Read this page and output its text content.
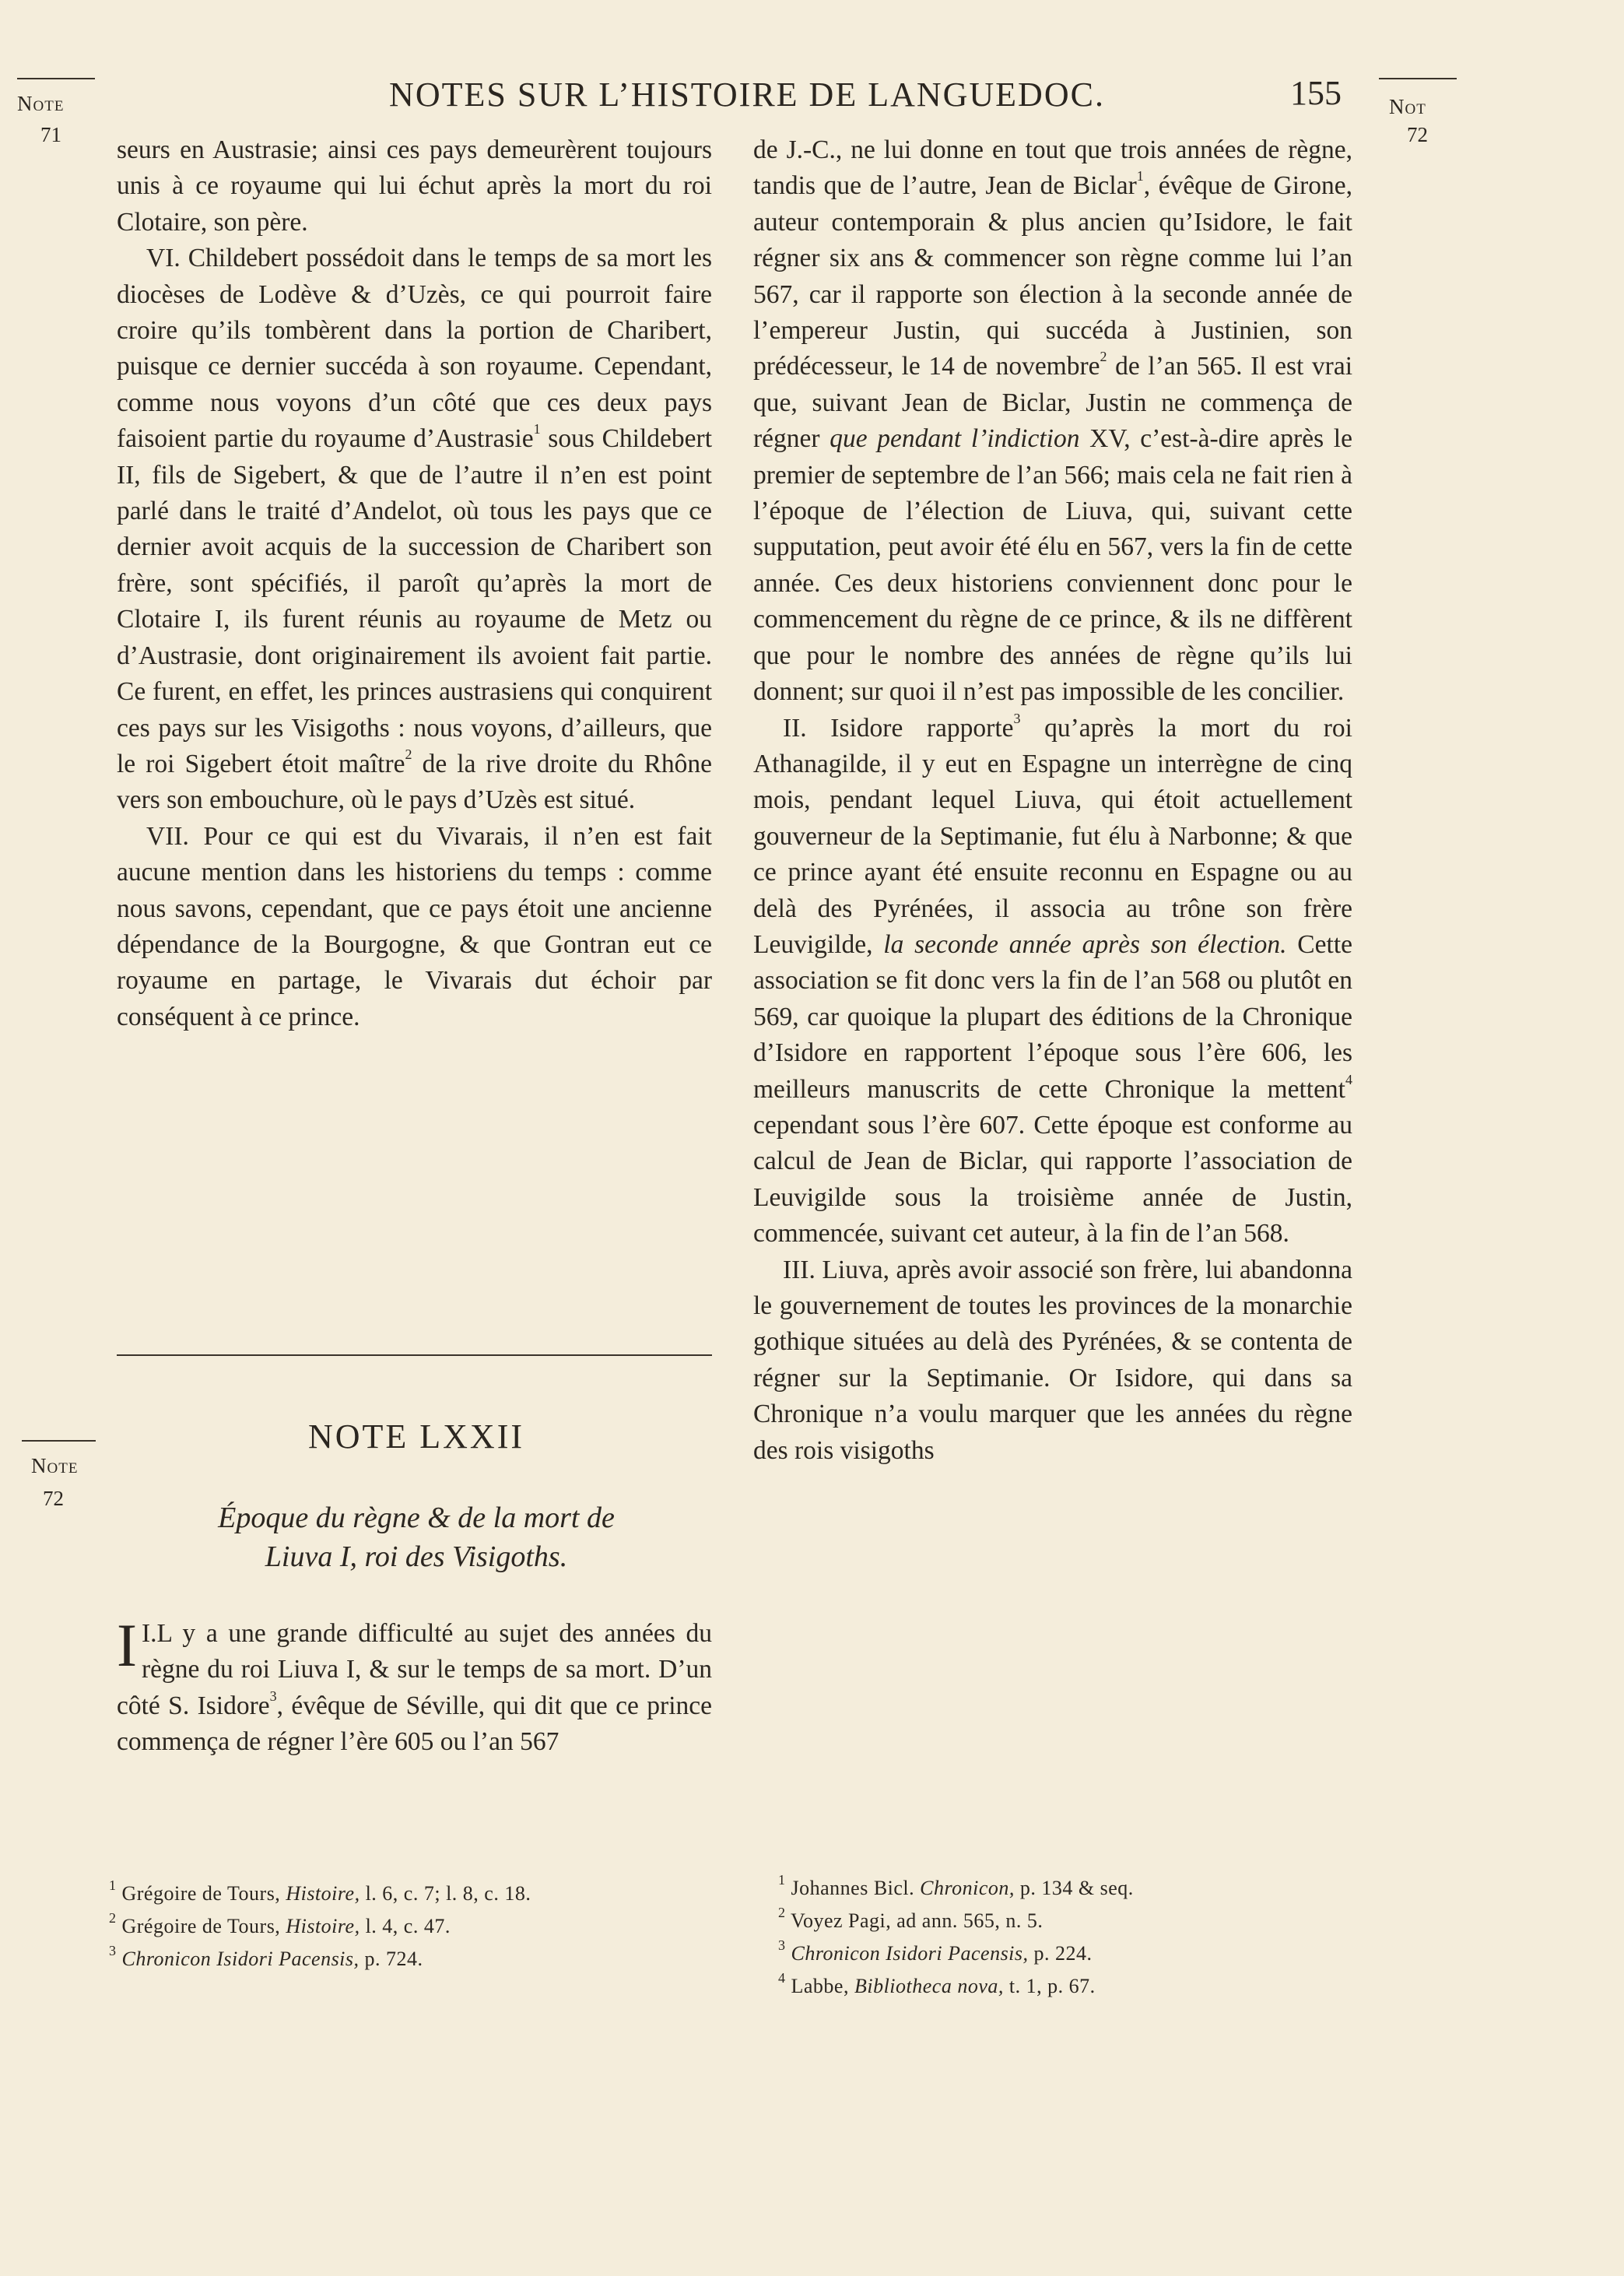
NOTES SUR L’HISTOIRE DE LANGUEDOC.	155
Note
71
Not
72
Note
72

seurs en Austrasie; ainsi ces pays demeurèrent toujours unis à ce royaume qui lui échut après la mort du roi Clotaire, son père.

VI. Childebert possédoit dans le temps de sa mort les diocèses de Lodève & d’Uzès, ce qui pourroit faire croire qu’ils tombèrent dans la portion de Charibert, puisque ce dernier succéda à son royaume. Cependant, comme nous voyons d’un côté que ces deux pays faisoient partie du royaume d’Austrasie$^1$ sous Childebert II, fils de Sigebert, & que de l’autre il n’en est point parlé dans le traité d’Andelot, où tous les pays que ce dernier avoit acquis de la succession de Charibert son frère, sont spécifiés, il paroît qu’après la mort de Clotaire I, ils furent réunis au royaume de Metz ou d’Austrasie, dont originairement ils avoient fait partie. Ce furent, en effet, les princes austrasiens qui conquirent ces pays sur les Visigoths : nous voyons, d’ailleurs, que le roi Sigebert étoit maître$^2$ de la rive droite du Rhône vers son embouchure, où le pays d’Uzès est situé.

VII. Pour ce qui est du Vivarais, il n’en est fait aucune mention dans les historiens du temps : comme nous savons, cependant, que ce pays étoit une ancienne dépendance de la Bourgogne, & que Gontran eut ce royaume en partage, le Vivarais dut échoir par conséquent à ce prince.

NOTE LXXII
Époque du règne & de la mort de
Liuva I, roi des Visigoths.

I.
I L y a une grande difficulté au sujet des années du règne du roi Liuva I, & sur le temps de sa mort. D’un côté S. Isidore$^3$, évêque de Séville, qui dit que ce prince commença de régner l’ère 605 ou l’an 567

de J.-C., ne lui donne en tout que trois années de règne, tandis que de l’autre, Jean de Biclar$^1$, évêque de Girone, auteur contemporain & plus ancien qu’Isidore, le fait régner six ans & commencer son règne comme lui l’an 567, car il rapporte son élection à la seconde année de l’empereur Justin, qui succéda à Justinien, son prédécesseur, le 14 de novembre$^2$ de l’an 565. Il est vrai que, suivant Jean de Biclar, Justin ne commença de régner que pendant l’indiction XV, c’est-à-dire après le premier de septembre de l’an 566; mais cela ne fait rien à l’époque de l’élection de Liuva, qui, suivant cette supputation, peut avoir été élu en 567, vers la fin de cette année. Ces deux historiens conviennent donc pour le commencement du règne de ce prince, & ils ne diffèrent que pour le nombre des années de règne qu’ils lui donnent; sur quoi il n’est pas impossible de les concilier.

II. Isidore rapporte$^3$ qu’après la mort du roi Athanagilde, il y eut en Espagne un interrègne de cinq mois, pendant lequel Liuva, qui étoit actuellement gouverneur de la Septimanie, fut élu à Narbonne; & que ce prince ayant été ensuite reconnu en Espagne ou au delà des Pyrénées, il associa au trône son frère Leuvigilde, la seconde année après son élection. Cette association se fit donc vers la fin de l’an 568 ou plutôt en 569, car quoique la plupart des éditions de la Chronique d’Isidore en rapportent l’époque sous l’ère 606, les meilleurs manuscrits de cette Chronique la mettent$^4$ cependant sous l’ère 607. Cette époque est conforme au calcul de Jean de Biclar, qui rapporte l’association de Leuvigilde sous la troisième année de Justin, commencée, suivant cet auteur, à la fin de l’an 568.

III. Liuva, après avoir associé son frère, lui abandonna le gouvernement de toutes les provinces de la monarchie gothique situées au delà des Pyrénées, & se contenta de régner sur la Septimanie. Or Isidore, qui dans sa Chronique n’a voulu marquer que les années du règne des rois visigoths

$^1$ Grégoire de Tours, Histoire, l. 6, c. 7; l. 8, c. 18.

$^2$ Grégoire de Tours, Histoire, l. 4, c. 47.

$^3$ Chronicon Isidori Pacensis, p. 724.

$^1$ Johannes Bicl. Chronicon, p. 134 & seq.

$^2$ Voyez Pagi, ad ann. 565, n. 5.

$^3$ Chronicon Isidori Pacensis, p. 224.

$^4$ Labbe, Bibliotheca nova, t. 1, p. 67.
